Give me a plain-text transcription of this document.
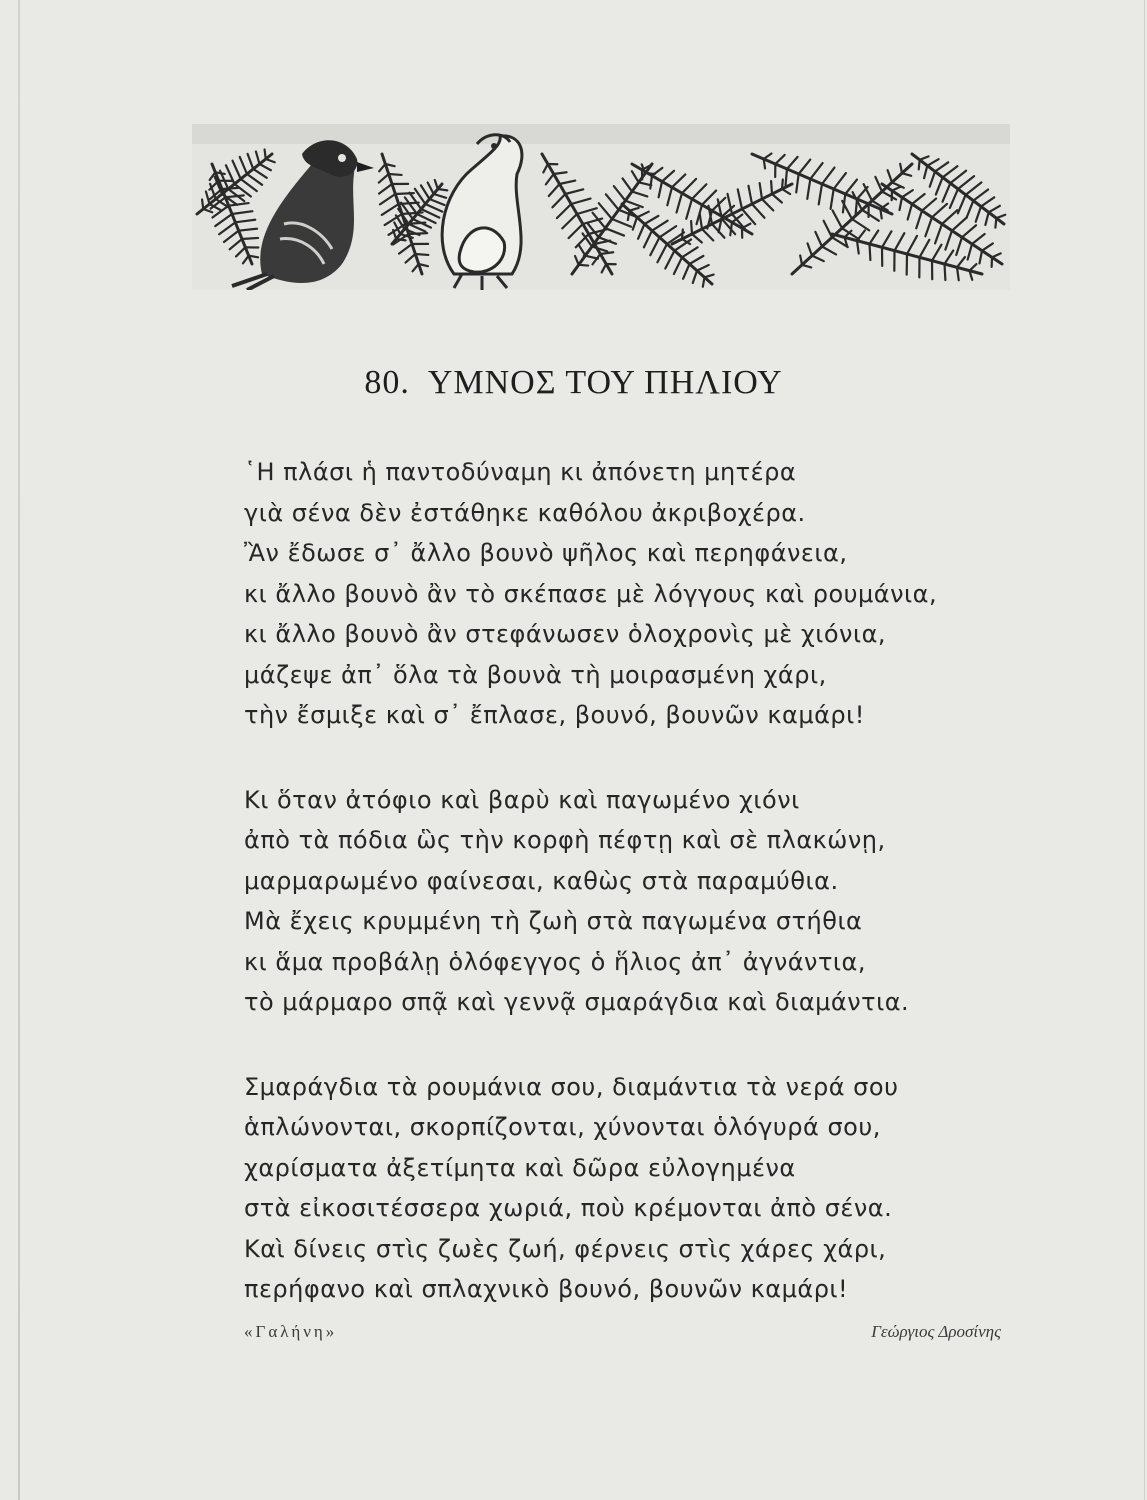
80. ΥΜΝΟΣ ΤΟΥ ΠΗΛΙΟΥ
῾Η πλάσι ἡ παντοδύναμη κι ἀπόνετη μητέρα
γιὰ σένα δὲν ἐστάθηκε καθόλου ἀκριβοχέρα.
Ἂν ἔδωσε σ᾽ ἄλλο βουνὸ ψῆλος καὶ περηφάνεια,
κι ἄλλο βουνὸ ἂν τὸ σκέπασε μὲ λόγγους καὶ ρουμάνια,
κι ἄλλο βουνὸ ἂν στεφάνωσεν ὁλοχρονὶς μὲ χιόνια,
μάζεψε ἀπ᾽ ὅλα τὰ βουνὰ τὴ μοιρασμένη χάρι,
τὴν ἔσμιξε καὶ σ᾽ ἔπλασε, βουνό, βουνῶν καμάρι!
Κι ὅταν ἀτόφιο καὶ βαρὺ καὶ παγωμένο χιόνι
ἀπὸ τὰ πόδια ὣς τὴν κορφὴ πέφτῃ καὶ σὲ πλακώνῃ,
μαρμαρωμένο φαίνεσαι, καθὼς στὰ παραμύθια.
Μὰ ἔχεις κρυμμένη τὴ ζωὴ στὰ παγωμένα στήθια
κι ἅμα προβάλῃ ὁλόφεγγος ὁ ἥλιος ἀπ᾽ ἀγνάντια,
τὸ μάρμαρο σπᾷ καὶ γεννᾷ σμαράγδια καὶ διαμάντια.
Σμαράγδια τὰ ρουμάνια σου, διαμάντια τὰ νερά σου
ἁπλώνονται, σκορπίζονται, χύνονται ὁλόγυρά σου,
χαρίσματα ἀξετίμητα καὶ δῶρα εὐλογημένα
στὰ εἰκοσιτέσσερα χωριά, ποὺ κρέμονται ἀπὸ σένα.
Καὶ δίνεις στὶς ζωὲς ζωή, φέρνεις στὶς χάρες χάρι,
περήφανο καὶ σπλαχνικὸ βουνό, βουνῶν καμάρι!
«Γαλήνη»	Γεώργιος Δροσίνης
